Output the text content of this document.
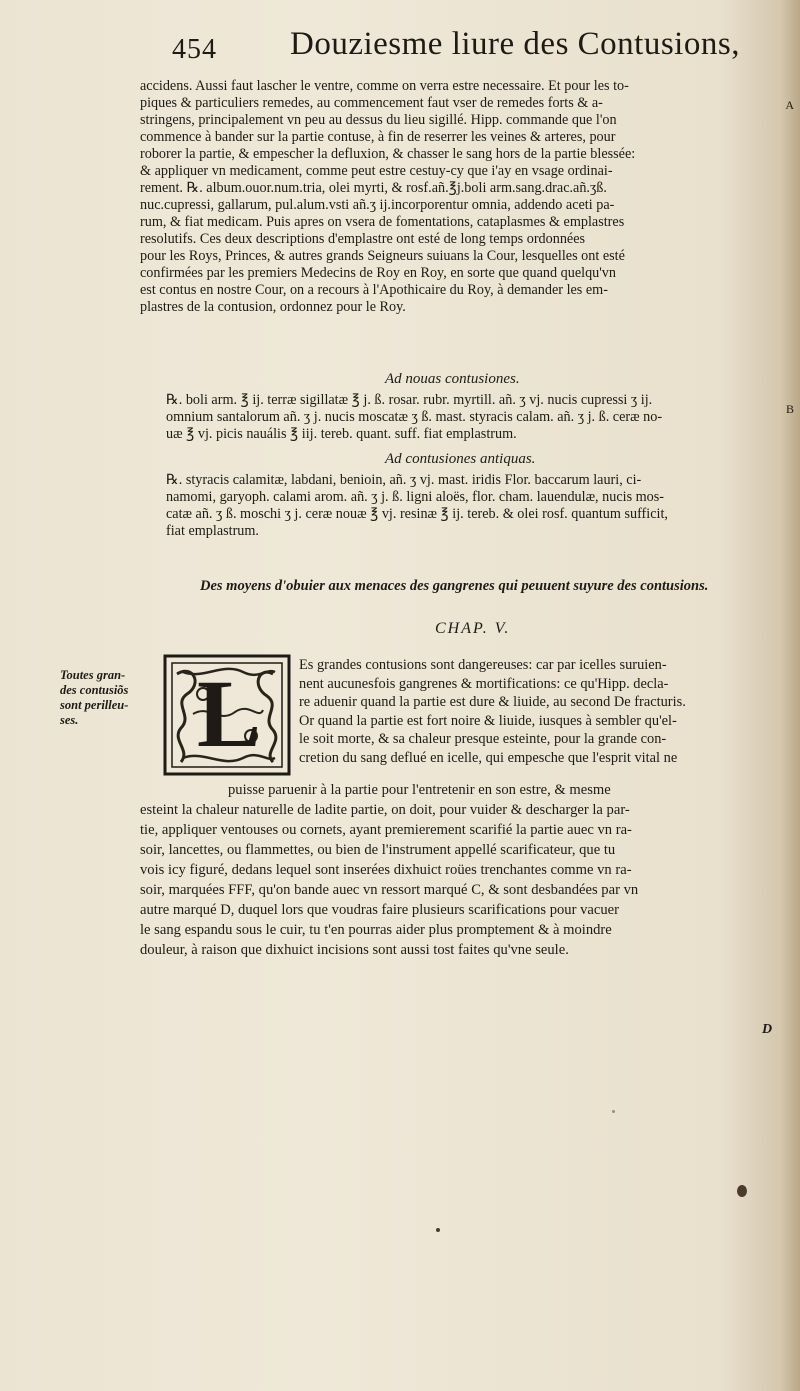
454 Douziesme liure des Contusions,
accidens. Aussi faut lascher le ventre, comme on verra estre necessaire. Et pour les to-
piques & particuliers remedes, au commencement faut vser de remedes forts & a-
stringens, principalement vn peu au dessus du lieu sigillé. Hipp. commande que l'on
commence à bander sur la partie contuse, à fin de reserrer les veines & arteres, pour
roborer la partie, & empescher la defluxion, & chasser le sang hors de la partie blessée:
& appliquer vn medicament, comme peut estre cestuy-cy que i'ay en vsage ordinai-
rement. ℞. album.ouor.num.tria, olei myrti, & rosf.añ.℥j.boli arm.sang.drac.añ.ʒß.
nuc.cupressi, gallarum, pul.alum.vsti añ.ʒ ij.incorporentur omnia, addendo aceti pa-
rum, & fiat medicam. Puis apres on vsera de fomentations, cataplasmes & emplastres
resolutifs. Ces deux descriptions d'emplastre ont esté de long temps ordonnées
pour les Roys, Princes, & autres grands Seigneurs suiuans la Cour, lesquelles ont esté
confirmées par les premiers Medecins de Roy en Roy, en sorte que quand quelqu'vn
est contus en nostre Cour, on a recours à l'Apothicaire du Roy, à demander les em-
plastres de la contusion, ordonnez pour le Roy.
A
B
Ad nouas contusiones.
℞. boli arm. ℥ ij. terræ sigillatæ ℥ j. ß. rosar. rubr. myrtill. añ. ʒ vj. nucis cupressi ʒ ij.
omnium santalorum añ. ʒ j. nucis moscatæ ʒ ß. mast. styracis calam. añ. ʒ j. ß. ceræ no-
uæ ℥ vj. picis nauális ℥ iij. tereb. quant. suff. fiat emplastrum.
Ad contusiones antiquas.
℞. styracis calamitæ, labdani, benioin, añ. ʒ vj. mast. iridis Flor. baccarum lauri, ci-
namomi, garyoph. calami arom. añ. ʒ j. ß. ligni aloës, flor. cham. lauendulæ, nucis mos-
catæ añ. ʒ ß. moschi ʒ j. ceræ nouæ ℥ vj. resinæ ℥ ij. tereb. & olei rosf. quantum sufficit,
fiat emplastrum.
Des moyens d'obuier aux menaces des gangrenes qui peuuent suyure des contusions.
CHAP. V.
Toutes gran-
des contusiõs
sont perilleu-
ses.	L	Es grandes contusions sont dangereuses: car par icelles suruien-
nent aucunesfois gangrenes & mortifications: ce qu'Hipp. decla-
re aduenir quand la partie est dure & liuide, au second De fracturis.
Or quand la partie est fort noire & liuide, iusques à sembler qu'el-
le soit morte, & sa chaleur presque esteinte, pour la grande con-
cretion du sang deflué en icelle, qui empesche que l'esprit vital ne
puisse paruenir à la partie pour l'entretenir en son estre, & mesme
esteint la chaleur naturelle de ladite partie, on doit, pour vuider & descharger la par-
tie, appliquer ventouses ou cornets, ayant premierement scarifié la partie auec vn ra-
soir, lancettes, ou flammettes, ou bien de l'instrument appellé scarificateur, que tu
vois icy figuré, dedans lequel sont inserées dixhuict roües trenchantes comme vn ra-
soir, marquées FFF, qu'on bande auec vn ressort marqué C, & sont desbandées par vn
autre marqué D, duquel lors que voudras faire plusieurs scarifications pour vacuer
le sang espandu sous le cuir, tu t'en pourras aider plus promptement & à moindre
douleur, à raison que dixhuict incisions sont aussi tost faites qu'vne seule.
D
